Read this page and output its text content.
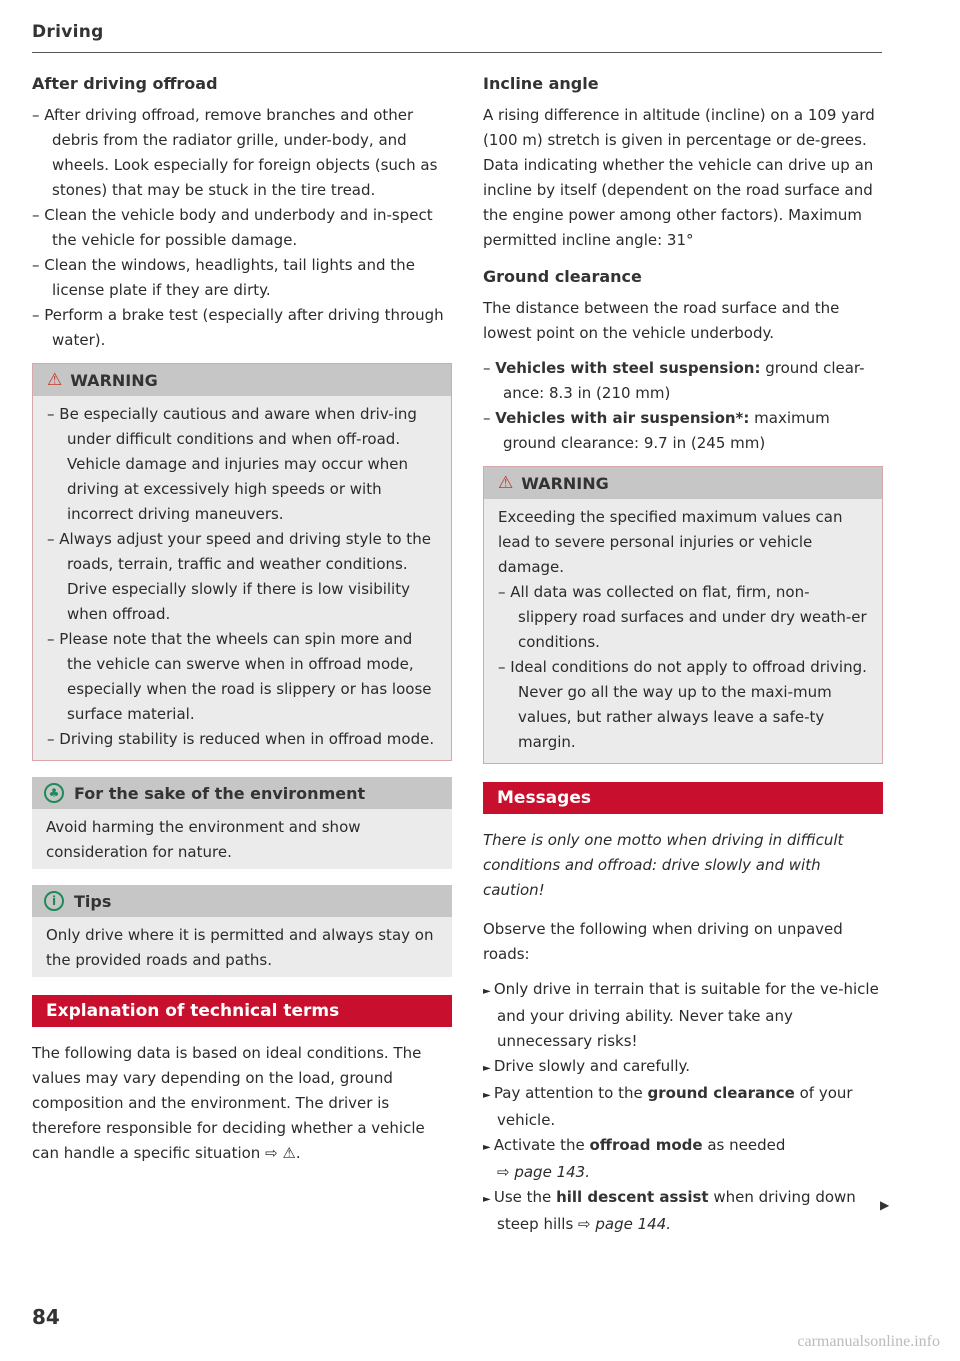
Driving
After driving offroad
– After driving offroad, remove branches and other debris from the radiator grille, under-body, and wheels. Look especially for foreign objects (such as stones) that may be stuck in the tire tread.
– Clean the vehicle body and underbody and in-spect the vehicle for possible damage.
– Clean the windows, headlights, tail lights and the license plate if they are dirty.
– Perform a brake test (especially after driving through water).
⚠ WARNING
– Be especially cautious and aware when driv-ing under difficult conditions and when off-road. Vehicle damage and injuries may occur when driving at excessively high speeds or with incorrect driving maneuvers.
– Always adjust your speed and driving style to the roads, terrain, traffic and weather conditions. Drive especially slowly if there is low visibility when offroad.
– Please note that the wheels can spin more and the vehicle can swerve when in offroad mode, especially when the road is slippery or has loose surface material.
– Driving stability is reduced when in offroad mode.
♣ For the sake of the environment

Avoid harming the environment and show consideration for nature.

i	Tips

Only drive where it is permitted and always stay on the provided roads and paths.

Explanation of technical terms

The following data is based on ideal conditions. The values may vary depending on the load, ground composition and the environment. The driver is therefore responsible for deciding whether a vehicle can handle a specific situation ⇨ ⚠.

Incline angle

A rising difference in altitude (incline) on a 109 yard (100 m) stretch is given in percentage or de-grees. Data indicating whether the vehicle can drive up an incline by itself (dependent on the road surface and the engine power among other factors). Maximum permitted incline angle: 31°

Ground clearance

The distance between the road surface and the lowest point on the vehicle underbody.

– Vehicles with steel suspension: ground clear-ance: 8.3 in (210 mm)
– Vehicles with air suspension*: maximum ground clearance: 9.7 in (245 mm)
⚠ WARNING

Exceeding the specified maximum values can lead to severe personal injuries or vehicle damage.

– All data was collected on flat, firm, non-slippery road surfaces and under dry weath-er conditions.
– Ideal conditions do not apply to offroad driving. Never go all the way up to the maxi-mum values, but rather always leave a safe-ty margin.
Messages

There is only one motto when driving in difficult conditions and offroad: drive slowly and with caution!

Observe the following when driving on unpaved roads:

► Only drive in terrain that is suitable for the ve-hicle and your driving ability. Never take any unnecessary risks!
► Drive slowly and carefully.
► Pay attention to the ground clearance of your vehicle.
► Activate the offroad mode as needed
⇨ page 143.
► Use the hill descent assist when driving down steep hills ⇨ page 144.
▶
84
carmanualsonline.info
